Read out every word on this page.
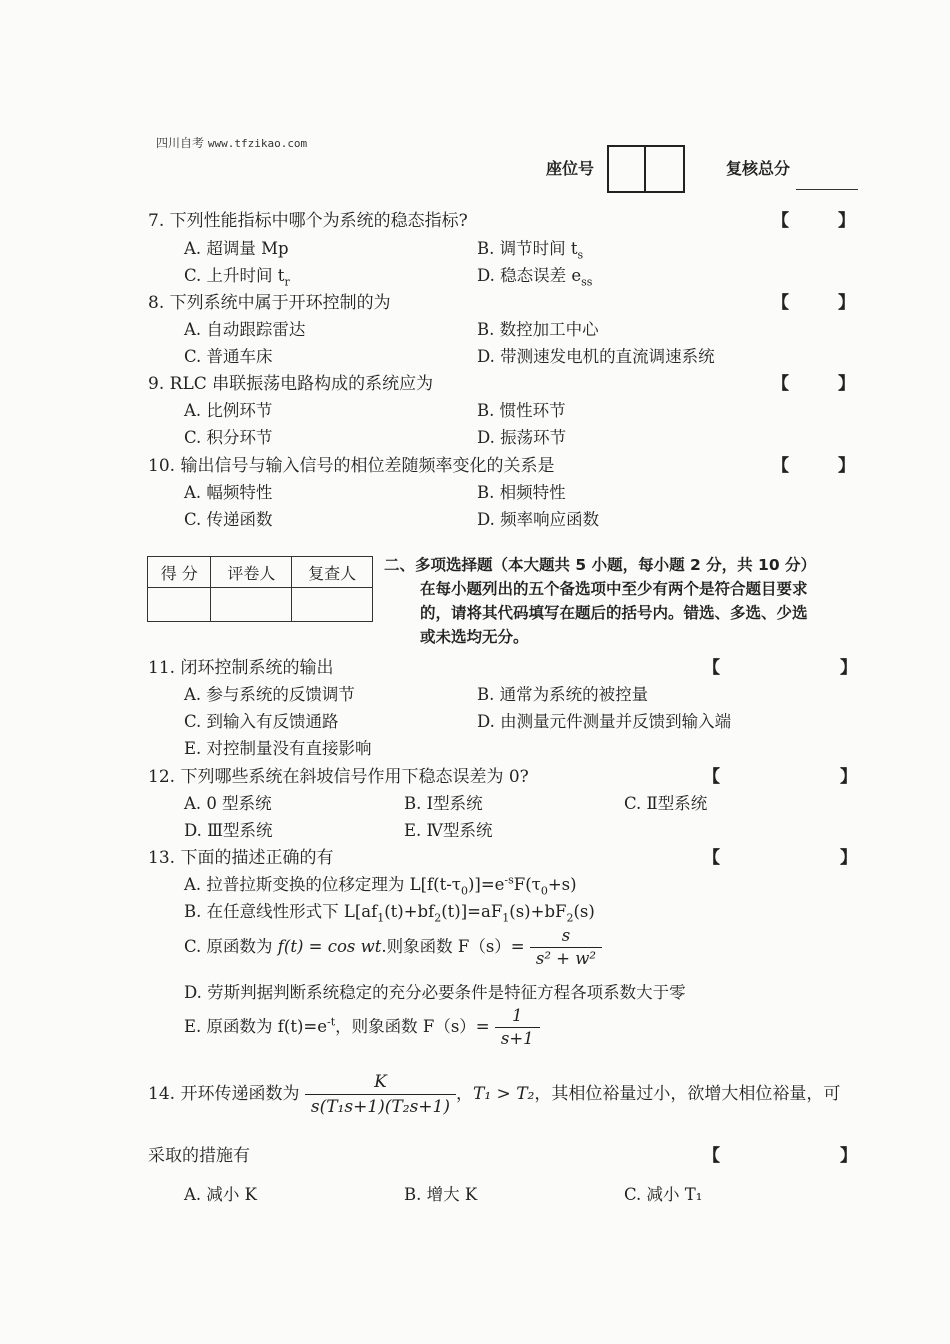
四川自考 www.tfzikao.com
座位号	复核总分
7. 下列性能指标中哪个为系统的稳态指标?	【	】
A. 超调量 Mp	B. 调节时间 $t_s$
C. 上升时间 $t_r$	D. 稳态误差 $e_{ss}$
8. 下列系统中属于开环控制的为	【	】
A. 自动跟踪雷达	B. 数控加工中心
C. 普通车床	D. 带测速发电机的直流调速系统
9. RLC 串联振荡电路构成的系统应为	【	】
A. 比例环节	B. 惯性环节
C. 积分环节	D. 振荡环节
10. 输出信号与输入信号的相位差随频率变化的关系是	【	】
A. 幅频特性	B. 相频特性
C. 传递函数	D. 频率响应函数
得 分	评卷人	复查人
		二、多项选择题（本大题共 5 小题，每小题 2 分，共 10 分）
在每小题列出的五个备选项中至少有两个是符合题目要求
的，请将其代码填写在题后的括号内。错选、多选、少选
或未选均无分。
11. 闭环控制系统的输出	【	】
A. 参与系统的反馈调节	B. 通常为系统的被控量
C. 到输入有反馈通路	D. 由测量元件测量并反馈到输入端
E. 对控制量没有直接影响
12. 下列哪些系统在斜坡信号作用下稳态误差为 0?	【	】
A. 0 型系统	B. Ⅰ型系统	C. Ⅱ型系统
D. Ⅲ型系统	E. Ⅳ型系统
13. 下面的描述正确的有	【	】
A. 拉普拉斯变换的位移定理为 $L[f(t-\tau_0)]=e^{-s}F(\tau_0+s)$
B. 在任意线性形式下 $L[af_1(t)+bf_2(t)]=aF_1(s)+bF_2(s)$
C. 原函数为 f(t) = cos wt.则象函数 $F(s)= \frac{s}{\text{s² + w²}}$
D. 劳斯判据判断系统稳定的充分必要条件是特征方程各项系数大于零
E. 原函数为 $f(t)=e^{-t}$，则象函数 $F(s)= \frac{1}{s+1}$
14. 开环传递函数为 $\frac{K}{\text{s(T₁s+1)(T₂s+1)}}$ ，T₁ > T₂，其相位裕量过小，欲增大相位裕量，可
采取的措施有	【	】
A. 减小 K	B. 增大 K	C. 减小 T₁
